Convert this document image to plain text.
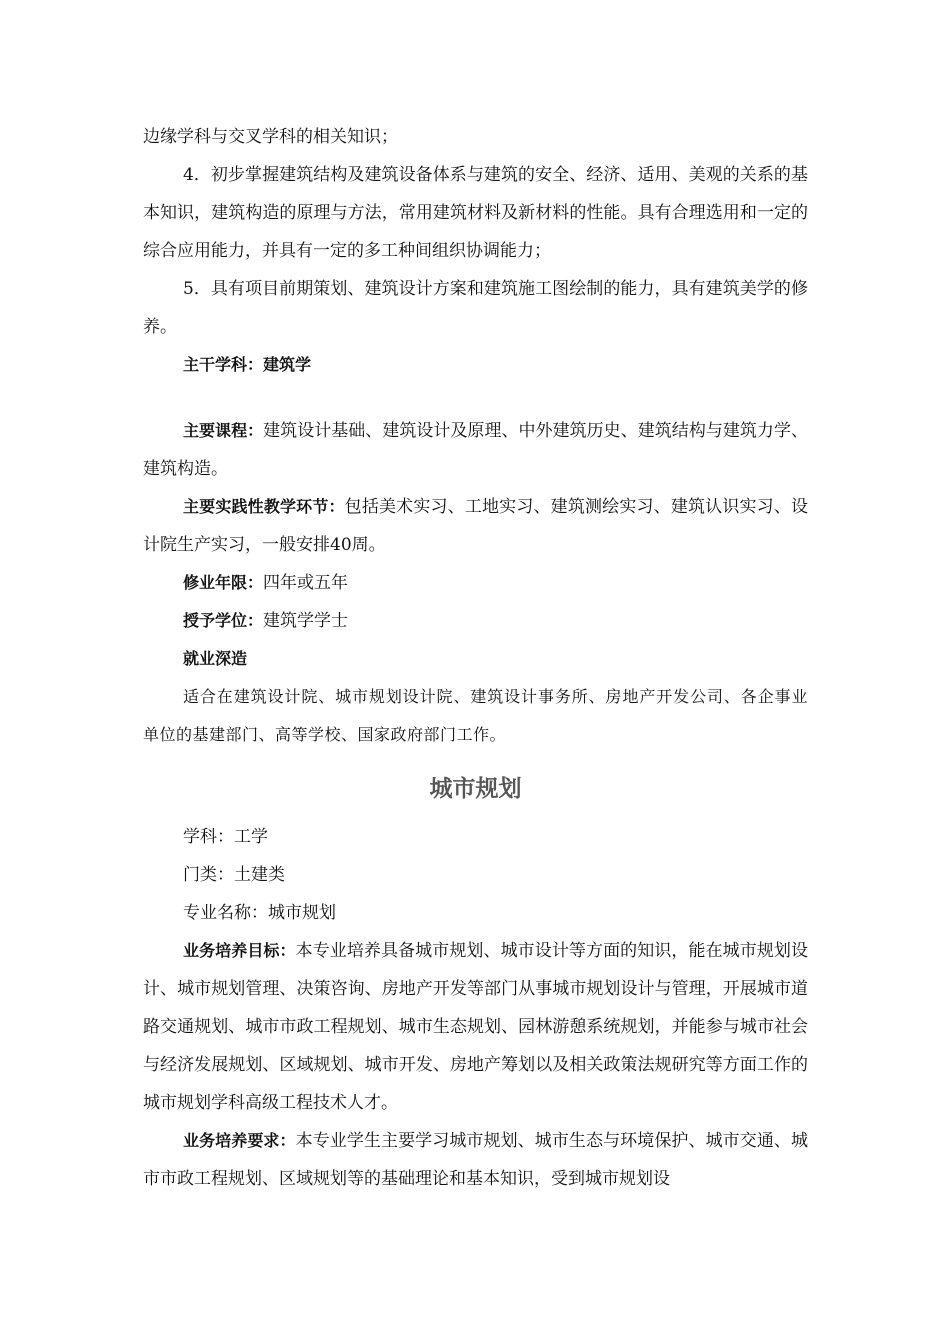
边缘学科与交叉学科的相关知识；

4．初步掌握建筑结构及建筑设备体系与建筑的安全、经济、适用、美观的关系的基本知识，建筑构造的原理与方法，常用建筑材料及新材料的性能。具有合理选用和一定的综合应用能力，并具有一定的多工种间组织协调能力；

5．具有项目前期策划、建筑设计方案和建筑施工图绘制的能力，具有建筑美学的修养。

主干学科：建筑学

主要课程：建筑设计基础、建筑设计及原理、中外建筑历史、建筑结构与建筑力学、建筑构造。

主要实践性教学环节：包括美术实习、工地实习、建筑测绘实习、建筑认识实习、设计院生产实习，一般安排40周。

修业年限：四年或五年

授予学位：建筑学学士

就业深造

适合在建筑设计院、城市规划设计院、建筑设计事务所、房地产开发公司、各企事业单位的基建部门、高等学校、国家政府部门工作。

城市规划

学科：工学

门类：土建类

专业名称：城市规划

业务培养目标：本专业培养具备城市规划、城市设计等方面的知识，能在城市规划设计、城市规划管理、决策咨询、房地产开发等部门从事城市规划设计与管理，开展城市道路交通规划、城市市政工程规划、城市生态规划、园林游憩系统规划，并能参与城市社会与经济发展规划、区域规划、城市开发、房地产筹划以及相关政策法规研究等方面工作的城市规划学科高级工程技术人才。

业务培养要求：本专业学生主要学习城市规划、城市生态与环境保护、城市交通、城市市政工程规划、区域规划等的基础理论和基本知识，受到城市规划设
